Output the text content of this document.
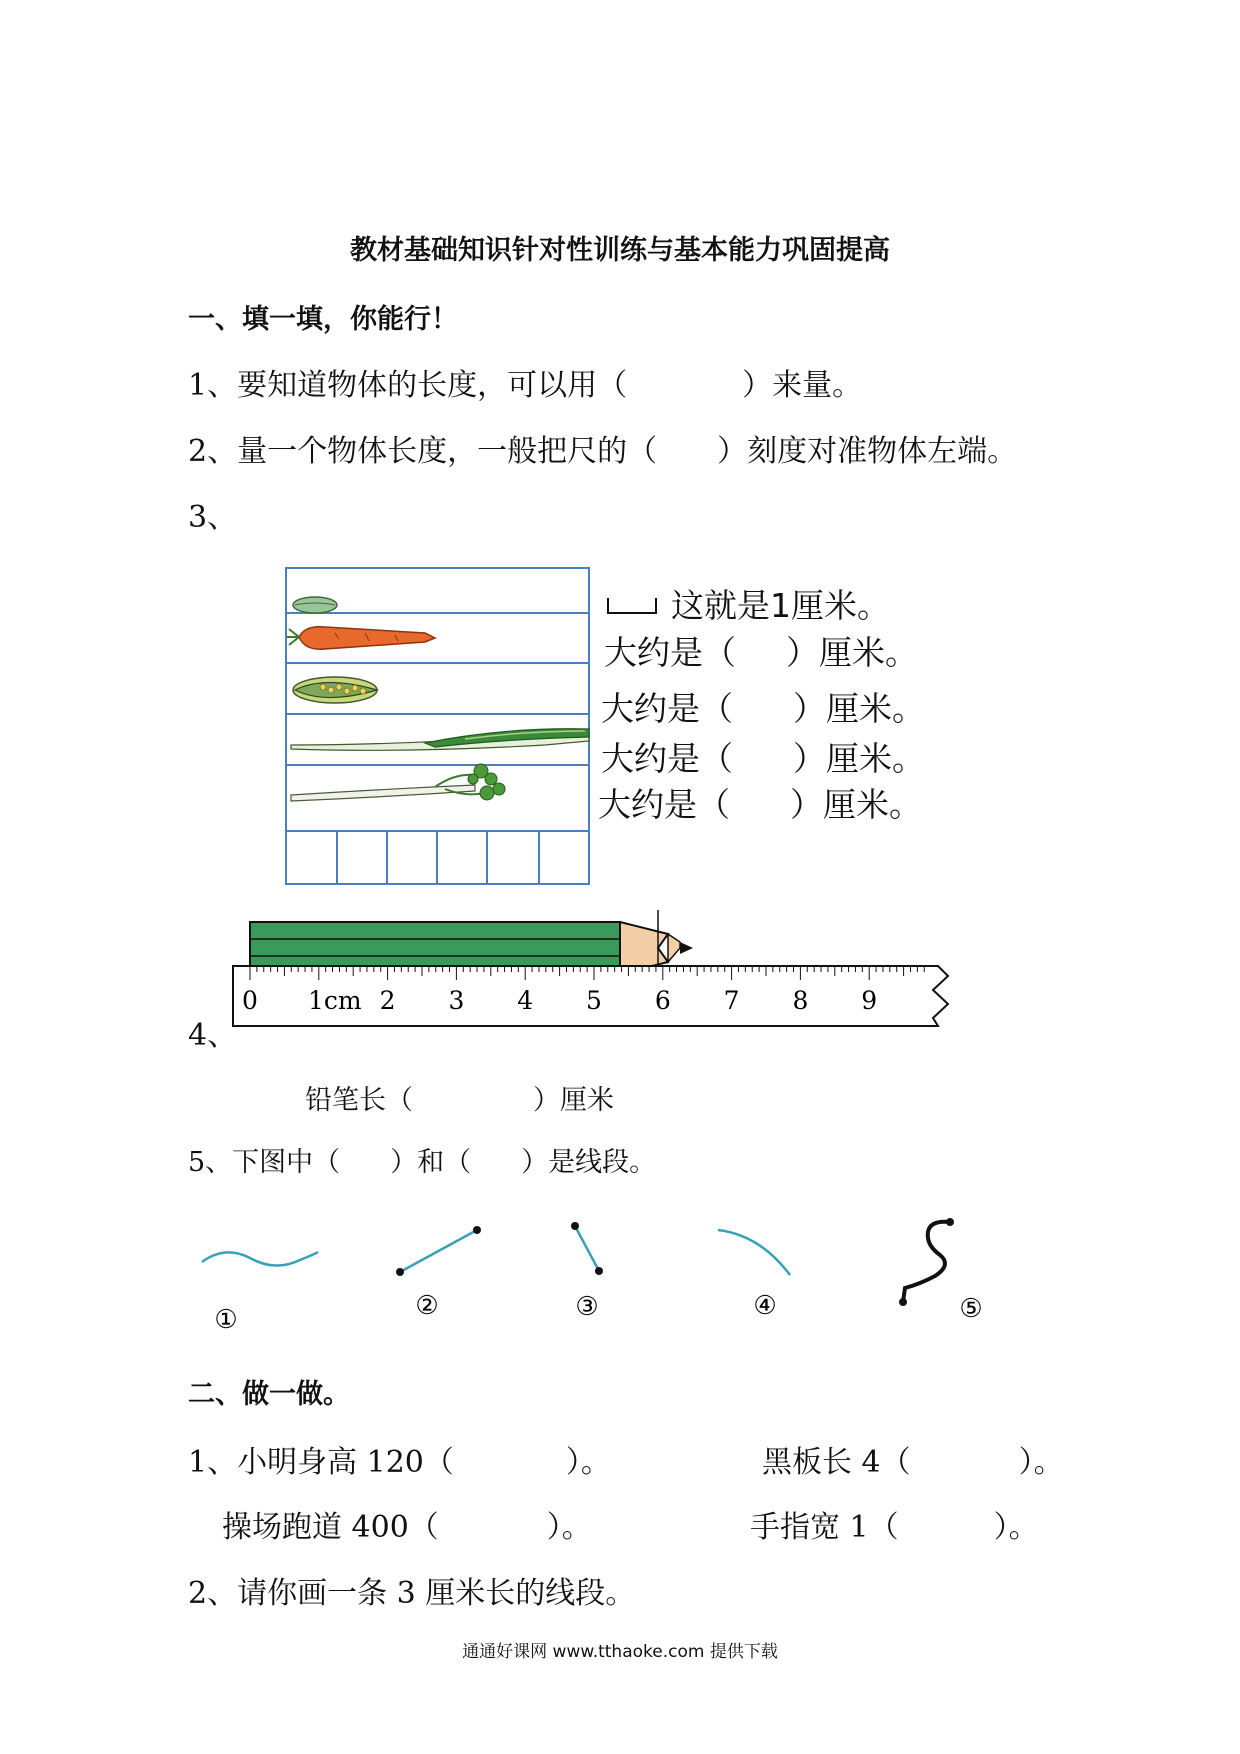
教材基础知识针对性训练与基本能力巩固提高
一、填一填，你能行！
1、要知道物体的长度，可以用（	）来量。
2、量一个物体长度，一般把尺的（ ）刻度对准物体左端。
3、
这就是1厘米。
大约是（ ）厘米。
大约是（ ）厘米。
大约是（ ）厘米。
大约是（ ）厘米。
0 1cm 2 3 4 5 6 7 8 9
4、
铅笔长（	）厘米
5、下图中（ ）和（ ）是线段。
①	②	③	④	⑤
二、做一做。
1、小明身高 120（	）。	黑板长 4（	）。
操场跑道 400（	）。	手指宽 1（	）。
2、请你画一条 3 厘米长的线段。
通通好课网 www.tthaoke.com 提供下载
